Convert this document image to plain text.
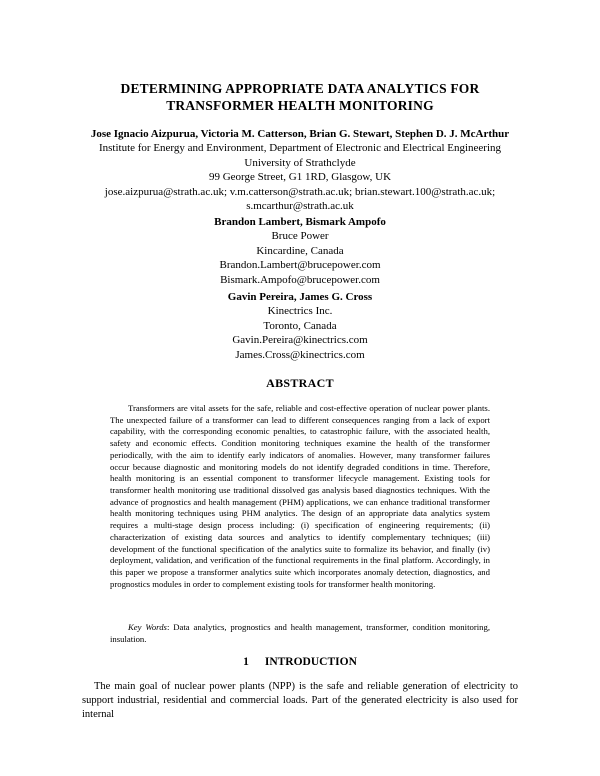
DETERMINING APPROPRIATE DATA ANALYTICS FOR
TRANSFORMER HEALTH MONITORING
Jose Ignacio Aizpurua, Victoria M. Catterson, Brian G. Stewart, Stephen D. J. McArthur
Institute for Energy and Environment, Department of Electronic and Electrical Engineering
University of Strathclyde
99 George Street, G1 1RD, Glasgow, UK
jose.aizpurua@strath.ac.uk; v.m.catterson@strath.ac.uk; brian.stewart.100@strath.ac.uk;
s.mcarthur@strath.ac.uk
Brandon Lambert, Bismark Ampofo
Bruce Power
Kincardine, Canada
Brandon.Lambert@brucepower.com
Bismark.Ampofo@brucepower.com
Gavin Pereira, James G. Cross
Kinectrics Inc.
Toronto, Canada
Gavin.Pereira@kinectrics.com
James.Cross@kinectrics.com
ABSTRACT

Transformers are vital assets for the safe, reliable and cost-effective operation of nuclear power plants. The unexpected failure of a transformer can lead to different consequences ranging from a lack of export capability, with the corresponding economic penalties, to catastrophic failure, with the associated health, safety and economic effects. Condition monitoring techniques examine the health of the transformer periodically, with the aim to identify early indicators of anomalies. However, many transformer failures occur because diagnostic and monitoring models do not identify degraded conditions in time. Therefore, health monitoring is an essential component to transformer lifecycle management. Existing tools for transformer health monitoring use traditional dissolved gas analysis based diagnostics techniques. With the advance of prognostics and health management (PHM) applications, we can enhance traditional transformer health monitoring techniques using PHM analytics. The design of an appropriate data analytics system requires a multi-stage design process including: (i) specification of engineering requirements; (ii) characterization of existing data sources and analytics to identify complementary techniques; (iii) development of the functional specification of the analytics suite to formalize its behavior, and finally (iv) deployment, validation, and verification of the functional requirements in the final platform. Accordingly, in this paper we propose a transformer analytics suite which incorporates anomaly detection, diagnostics, and prognostics modules in order to complement existing tools for transformer health monitoring.

Key Words: Data analytics, prognostics and health management, transformer, condition monitoring, insulation.
1 INTRODUCTION

The main goal of nuclear power plants (NPP) is the safe and reliable generation of electricity to support industrial, residential and commercial loads. Part of the generated electricity is also used for internal
